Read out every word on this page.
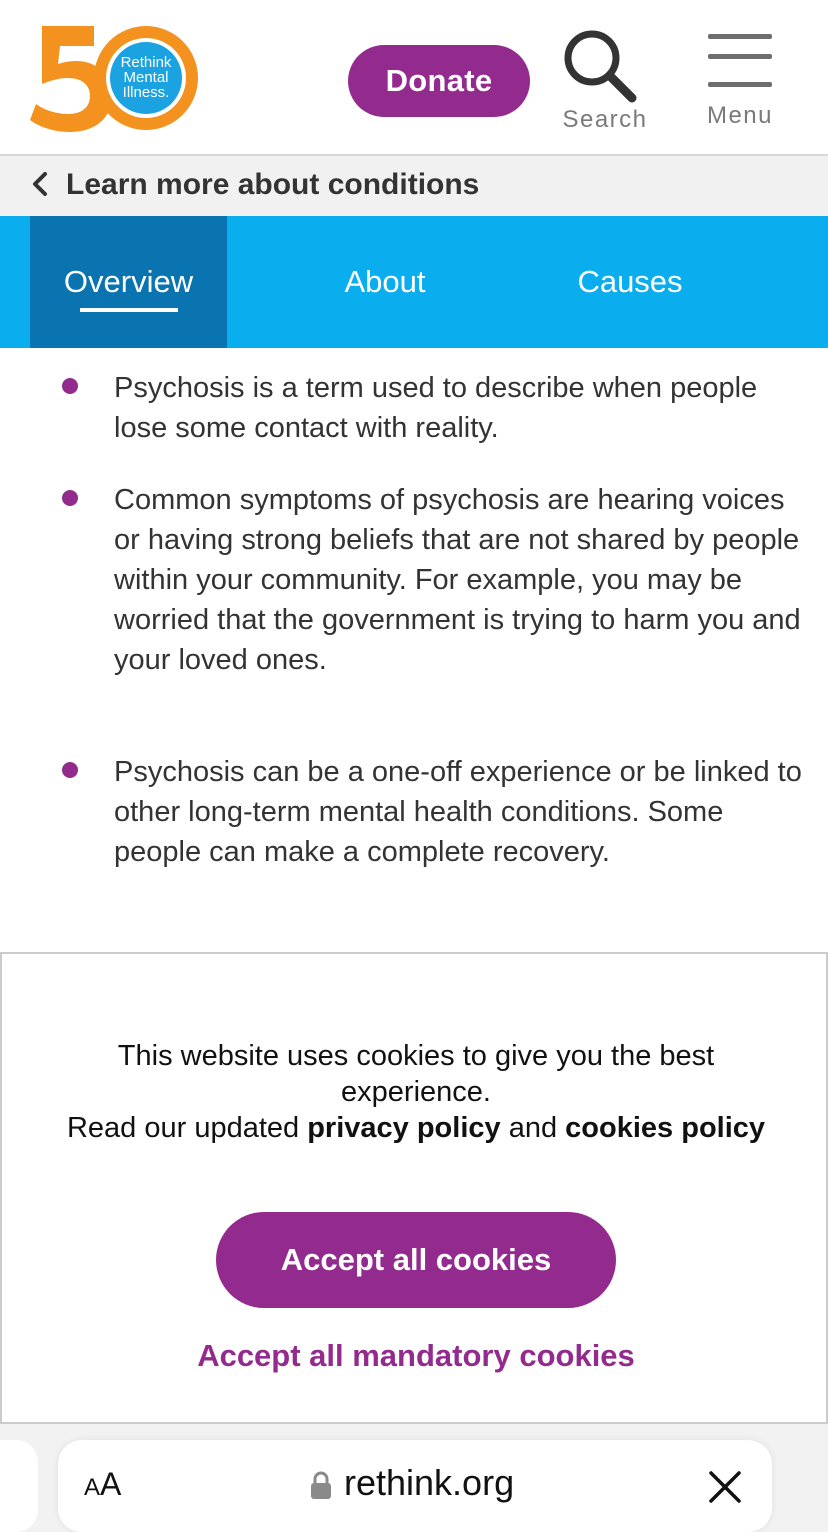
Rethink
Mental
Illness.	Donate
Search Menu
Learn more about conditions
Overview	About	Causes

Psychosis is a term used to describe when people lose some contact with reality.

Common symptoms of psychosis are hearing voices or having strong beliefs that are not shared by people within your community. For example, you may be worried that the government is trying to harm you and your loved ones.

Psychosis can be a one-off experience or be linked to other long-term mental health conditions. Some people can make a complete recovery.

This website uses cookies to give you the best experience.
Read our updated privacy policy and cookies policy
Accept all cookies
Accept all mandatory cookies
AA	rethink.org
